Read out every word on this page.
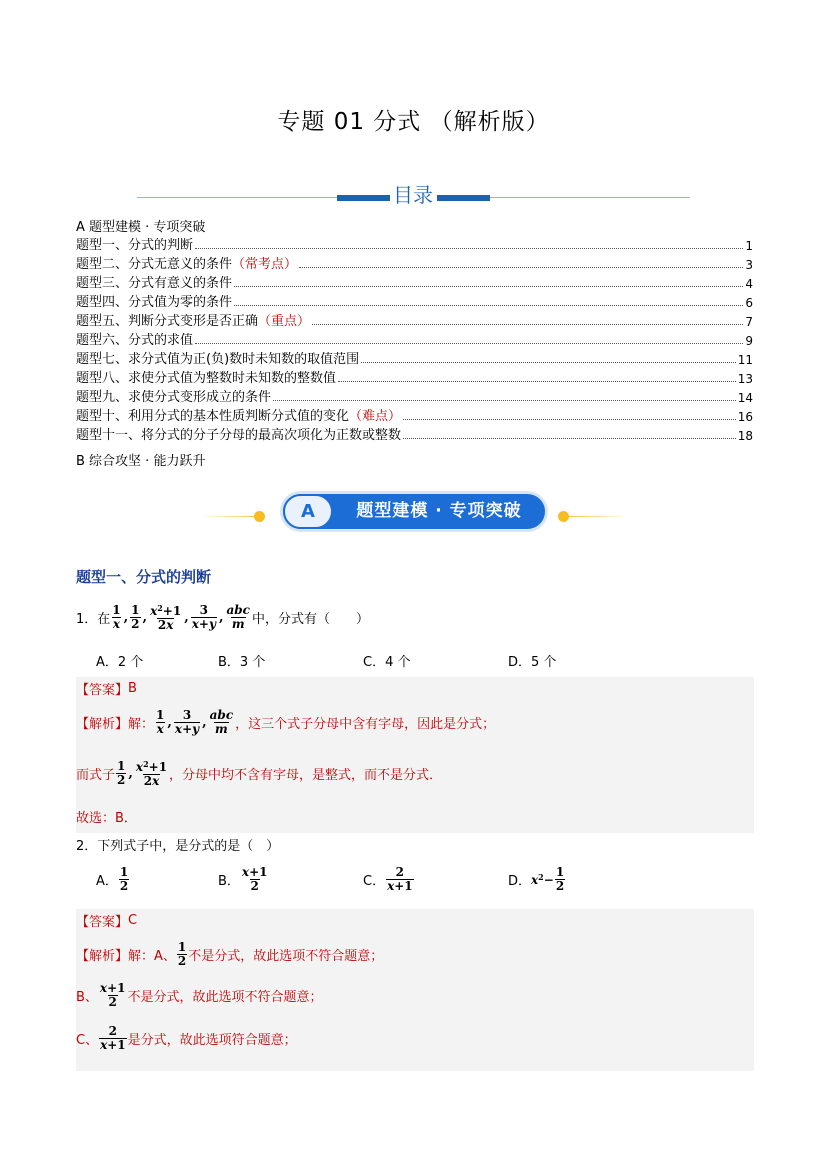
专题 01 分式 （解析版）
目录
A 题型建模 · 专项突破
题型一、分式的判断	1
题型二、分式无意义的条件 （常考点）	3
题型三、分式有意义的条件	4
题型四、分式值为零的条件	6
题型五、判断分式变形是否正确 （重点）	7
题型六、分式的求值	9
题型七、求分式值为正(负)数时未知数的取值范围	11
题型八、求使分式值为整数时未知数的整数值	13
题型九、求使分式变形成立的条件	14
题型十、利用分式的基本性质判断分式值的变化 （难点）	16
题型十一、将分式的分子分母的最高次项化为正数或整数	18
B 综合攻坚 · 能力跃升
A	题型建模 · 专项突破
题型一、分式的判断
1．在
1
x , 1
2 , $x^2+1$
2x
, 3
x+y , abc
m 中，分式有（　　）
A．2 个	B．3 个	C．4 个	D．5 个
【答案】 B
【解析】 解：
1
x , 3
x+y , abc
m ，这三个式子分母中含有字母，因此是分式；
而式子
1
2 , $x^2+1$
2x ，分母中均不含有字母，是整式，而不是分式．
故选：B．
2．下列式子中，是分式的是（　）
A．
1
2	B．
x+1
2	C．
2
x+1	D． $x^2- \frac{1}{2}$
【答案】 C
【解析】 解：A、
1
2 不是分式，故此选项不符合题意；
B、
x+1
2 不是分式，故此选项不符合题意；
C、
2
x+1 是分式，故此选项符合题意；
